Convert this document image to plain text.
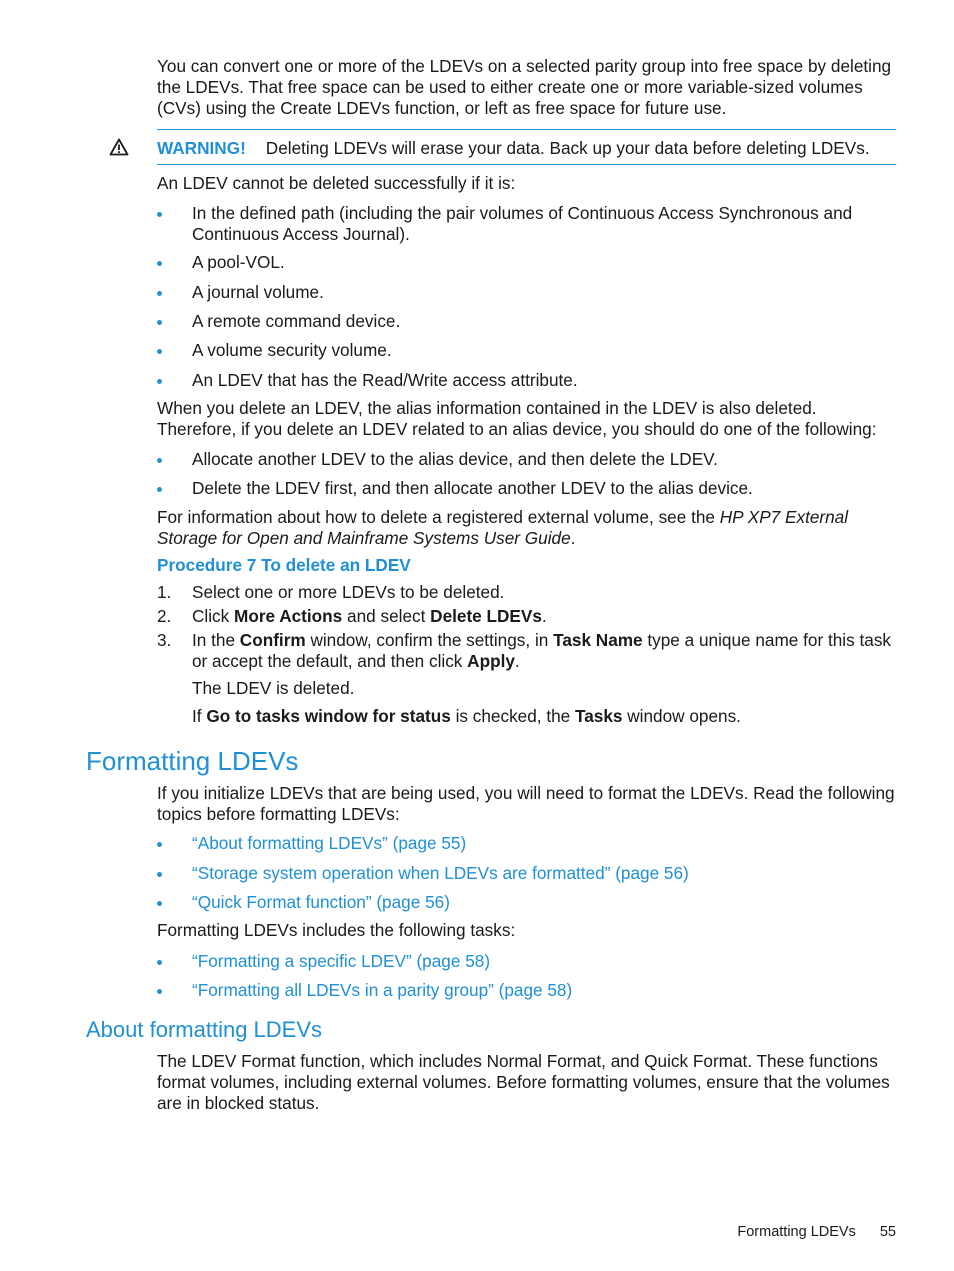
You can convert one or more of the LDEVs on a selected parity group into free space by deleting the LDEVs. That free space can be used to either create one or more variable-sized volumes (CVs) using the Create LDEVs function, or left as free space for future use.

WARNING! Deleting LDEVs will erase your data. Back up your data before deleting LDEVs.

An LDEV cannot be deleted successfully if it is:

In the defined path (including the pair volumes of Continuous Access Synchronous and Continuous Access Journal).
A pool-VOL.
A journal volume.
A remote command device.
A volume security volume.
An LDEV that has the Read/Write access attribute.

When you delete an LDEV, the alias information contained in the LDEV is also deleted. Therefore, if you delete an LDEV related to an alias device, you should do one of the following:

Allocate another LDEV to the alias device, and then delete the LDEV.
Delete the LDEV first, and then allocate another LDEV to the alias device.

For information about how to delete a registered external volume, see the HP XP7 External Storage for Open and Mainframe Systems User Guide.

Procedure 7 To delete an LDEV

1. Select one or more LDEVs to be deleted.
2. Click More Actions and select Delete LDEVs.
3. In the Confirm window, confirm the settings, in Task Name type a unique name for this task or accept the default, and then click Apply.

The LDEV is deleted.

If Go to tasks window for status is checked, the Tasks window opens.

Formatting LDEVs

If you initialize LDEVs that are being used, you will need to format the LDEVs. Read the following topics before formatting LDEVs:

“About formatting LDEVs” (page 55)
“Storage system operation when LDEVs are formatted” (page 56)
“Quick Format function” (page 56)

Formatting LDEVs includes the following tasks:

“Formatting a specific LDEV” (page 58)
“Formatting all LDEVs in a parity group” (page 58)
About formatting LDEVs

The LDEV Format function, which includes Normal Format, and Quick Format. These functions format volumes, including external volumes. Before formatting volumes, ensure that the volumes are in blocked status.

Formatting LDEVs 55
